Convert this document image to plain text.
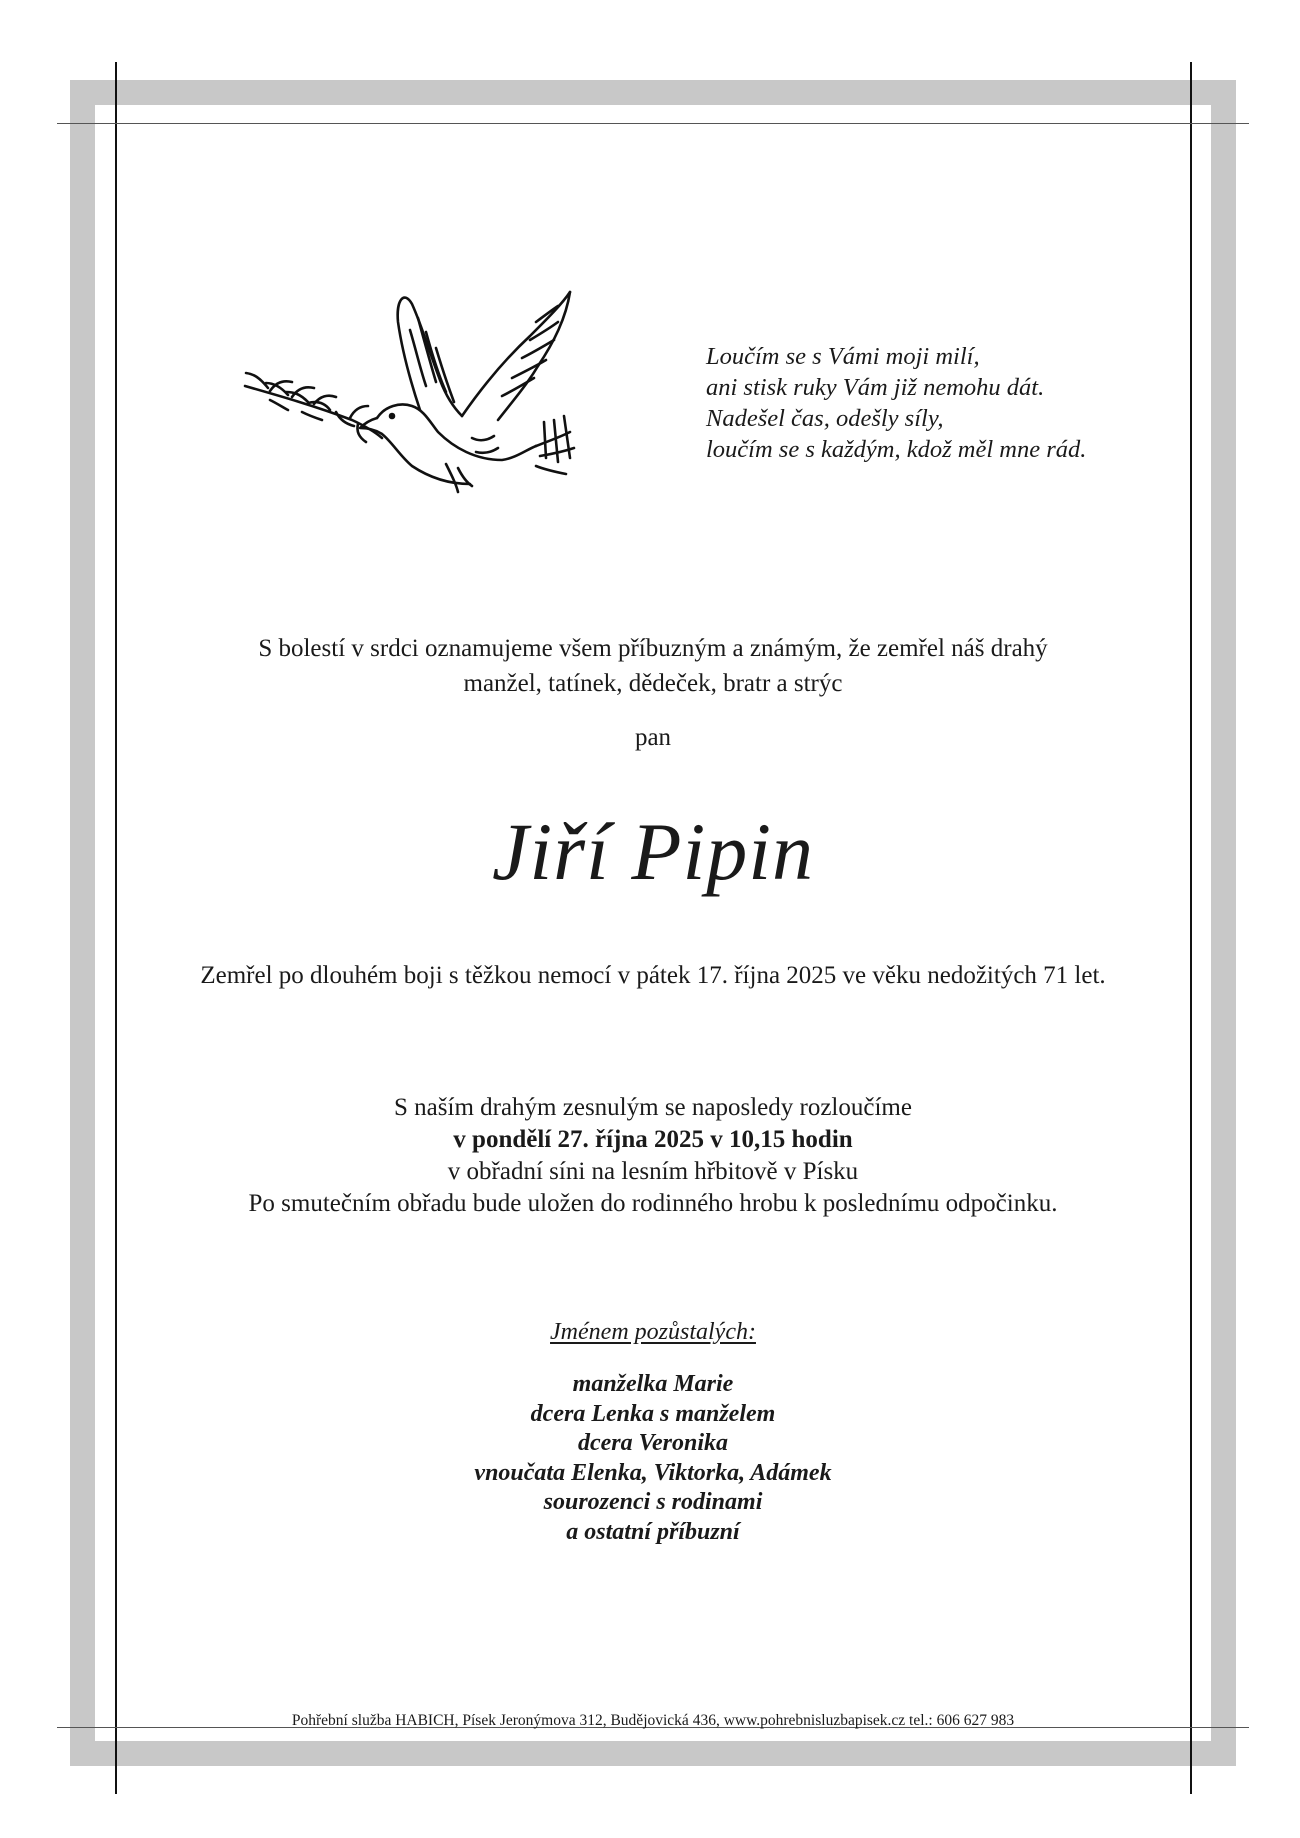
Loučím se s Vámi moji milí,
ani stisk ruky Vám již nemohu dát.
Nadešel čas, odešly síly,
loučím se s každým, kdož měl mne rád.
S bolestí v srdci oznamujeme všem příbuzným a známým, že zemřel náš drahý
manžel, tatínek, dědeček, bratr a strýc
pan
Jiří Pipin
Zemřel po dlouhém boji s těžkou nemocí v pátek 17. října 2025 ve věku nedožitých 71 let.
S naším drahým zesnulým se naposledy rozloučíme
v pondělí 27. října 2025 v 10,15 hodin
v obřadní síni na lesním hřbitově v Písku
Po smutečním obřadu bude uložen do rodinného hrobu k poslednímu odpočinku.
Jménem pozůstalých:
manželka Marie
dcera Lenka s manželem
dcera Veronika
vnoučata Elenka, Viktorka, Adámek
sourozenci s rodinami
a ostatní příbuzní
Pohřební služba HABICH, Písek Jeronýmova 312, Budějovická 436, www.pohrebnisluzbapisek.cz tel.: 606 627 983
